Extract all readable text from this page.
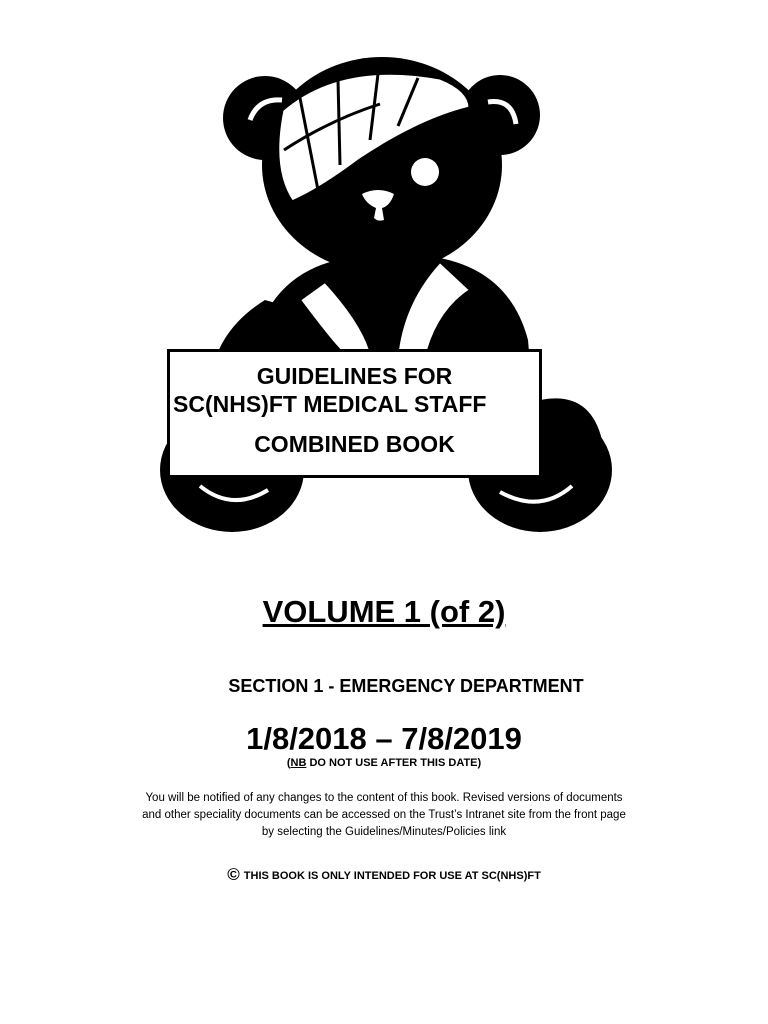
GUIDELINES FOR
SC(NHS)FT MEDICAL STAFF
COMBINED BOOK
VOLUME 1 (of 2)
SECTION 1 - EMERGENCY DEPARTMENT
1/8/2018 – 7/8/2019
(NB DO NOT USE AFTER THIS DATE)
You will be notified of any changes to the content of this book. Revised versions of documents
and other speciality documents can be accessed on the Trust’s Intranet site from the front page
by selecting the Guidelines/Minutes/Policies link
© THIS BOOK IS ONLY INTENDED FOR USE AT SC(NHS)FT
